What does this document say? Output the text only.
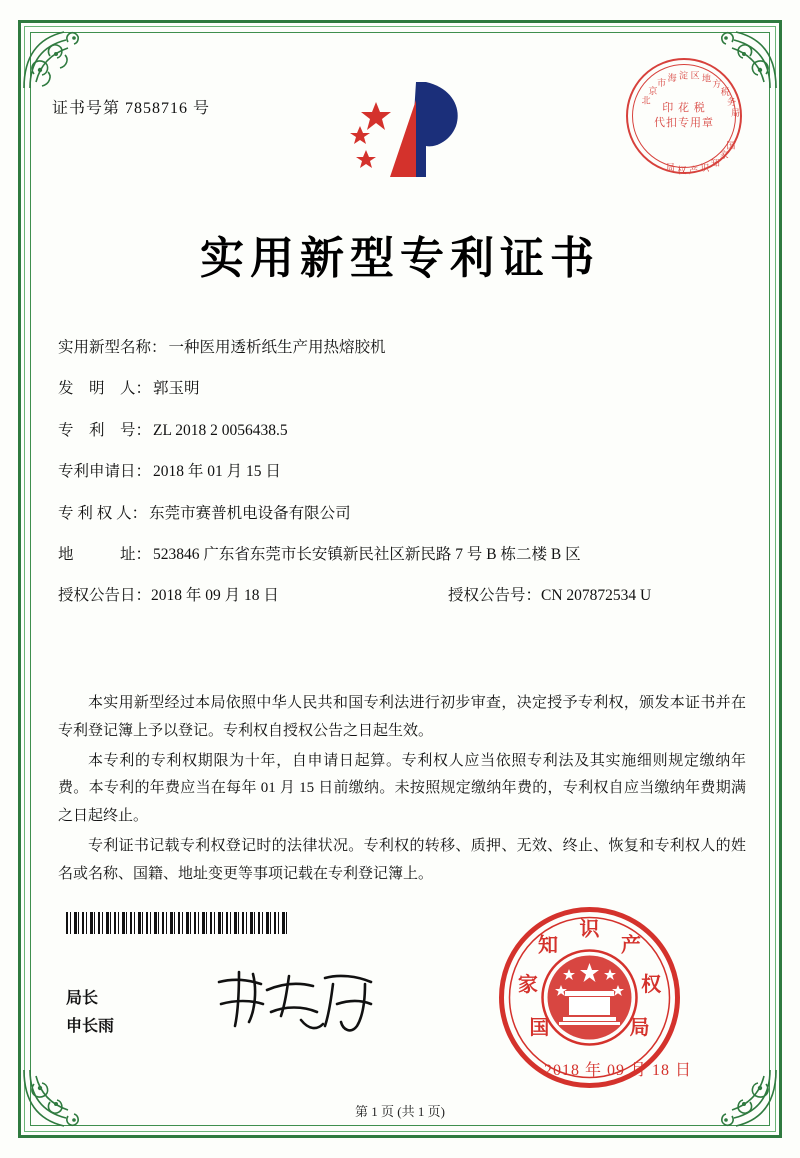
证书号第 7858716 号	北
京
市
海 淀 区 地
方
税
务
局
国
家
知
识
产
权
局
印 花 税
代扣专用章
实用新型专利证书
实用新型名称： 一种医用透析纸生产用热熔胶机
发　明　人： 郭玉明
专　利　号： ZL 2018 2 0056438.5
专利申请日： 2018 年 01 月 15 日
专 利 权 人： 东莞市赛普机电设备有限公司
地　　　址： 523846 广东省东莞市长安镇新民社区新民路 7 号 B 栋二楼 B 区
授权公告日：2018 年 09 月 18 日	授权公告号：CN 207872534 U

本实用新型经过本局依照中华人民共和国专利法进行初步审查，决定授予专利权，颁发本证书并在专利登记簿上予以登记。专利权自授权公告之日起生效。

本专利的专利权期限为十年，自申请日起算。专利权人应当依照专利法及其实施细则规定缴纳年费。本专利的年费应当在每年 01 月 15 日前缴纳。未按照规定缴纳年费的，专利权自应当缴纳年费期满之日起终止。

专利证书记载专利权登记时的法律状况。专利权的转移、质押、无效、终止、恢复和专利权人的姓名或名称、国籍、地址变更等事项记载在专利登记簿上。

局长
申长雨	国
家
知
识
产
权
局
2018 年 09 月 18 日
第 1 页 (共 1 页)
